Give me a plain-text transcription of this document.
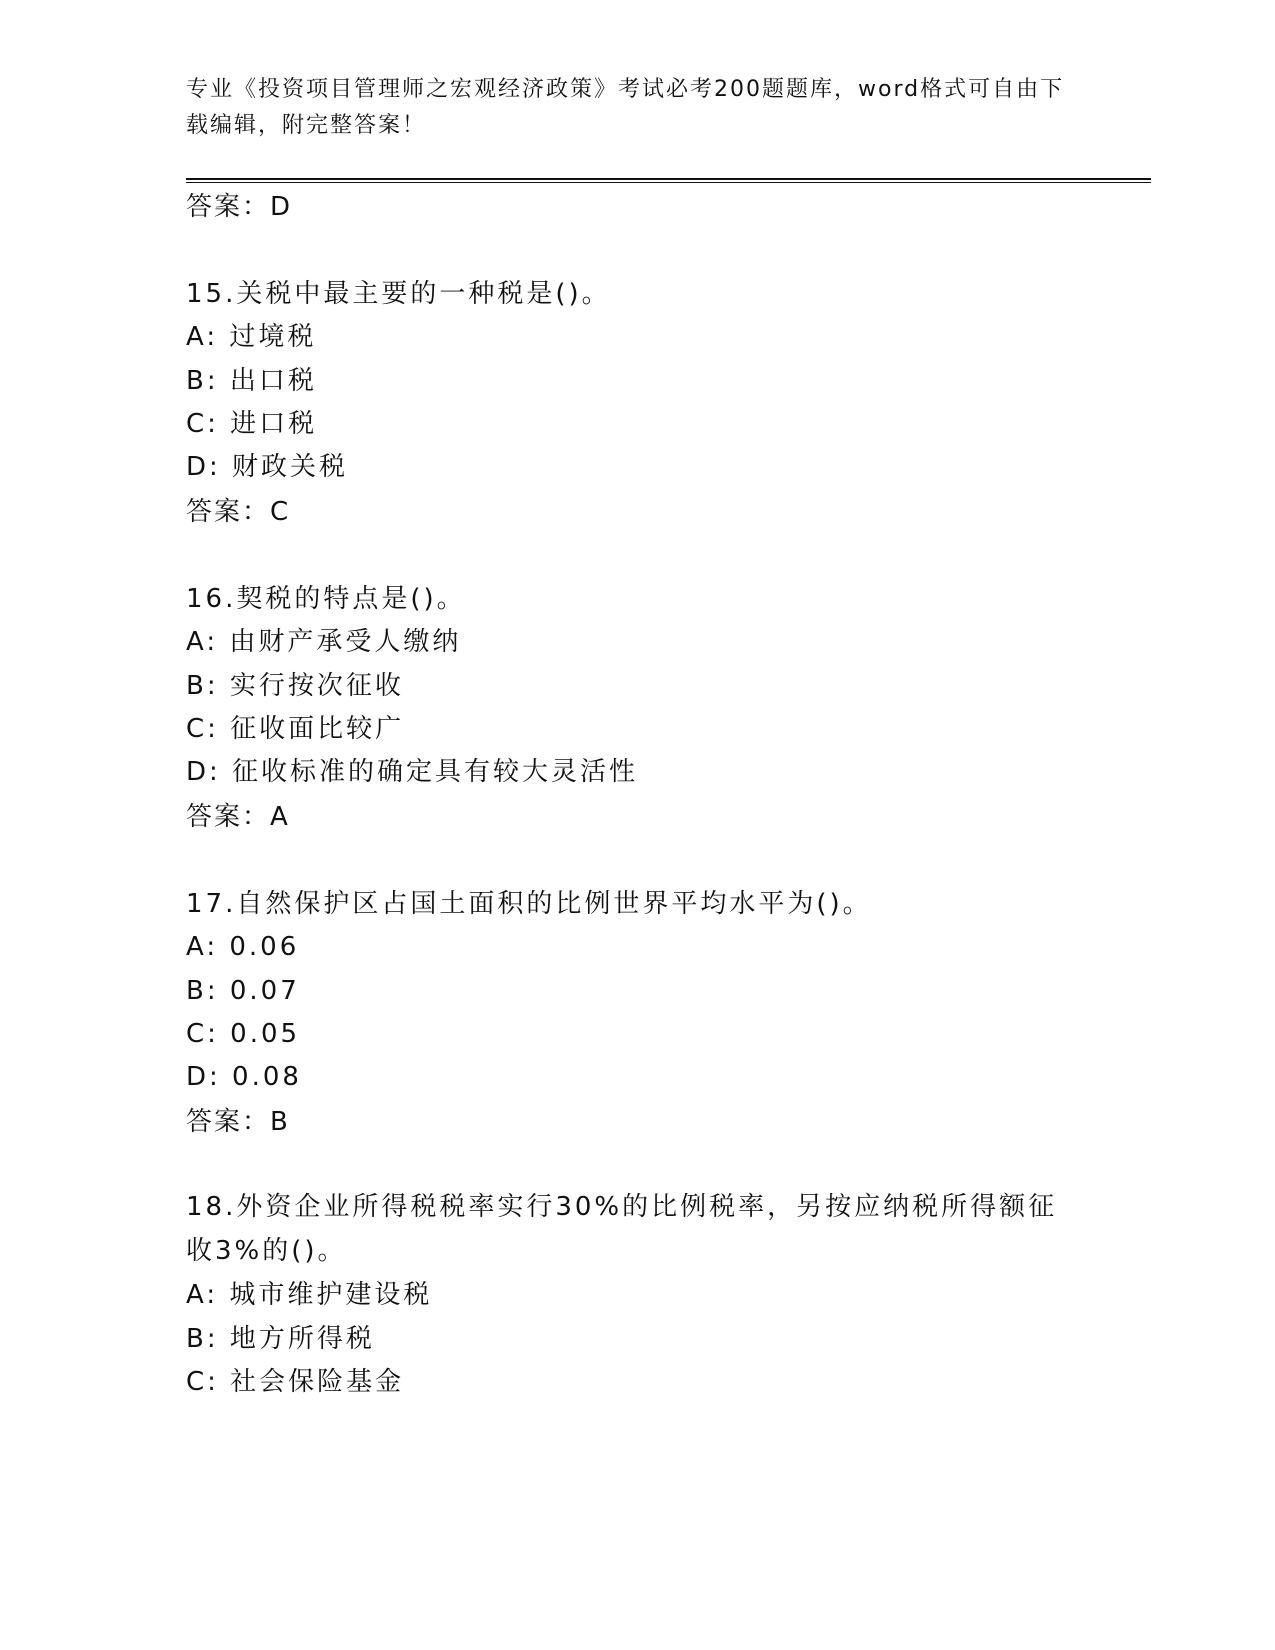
专业《投资项目管理师之宏观经济政策》考试必考200题题库，word格式可自由下载编辑，附完整答案！
答案：D
15.关税中最主要的一种税是()。
A: 过境税
B: 出口税
C: 进口税
D: 财政关税
答案：C
16.契税的特点是()。
A: 由财产承受人缴纳
B: 实行按次征收
C: 征收面比较广
D: 征收标准的确定具有较大灵活性
答案：A
17.自然保护区占国土面积的比例世界平均水平为()。
A: 0.06
B: 0.07
C: 0.05
D: 0.08
答案：B
18.外资企业所得税税率实行30%的比例税率，另按应纳税所得额征收3%的()。
A: 城市维护建设税
B: 地方所得税
C: 社会保险基金
